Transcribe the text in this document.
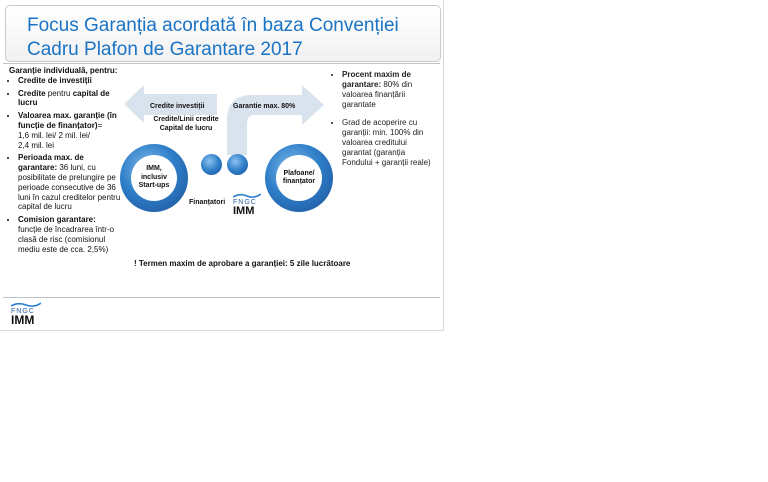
Focus Garanția acordată în baza Convenției Cadru Plafon de Garantare 2017
Garanție individuală, pentru:
• Credite de investiții
• Credite pentru capital de lucru
• Valoarea max. garanție (în funcție de finanțator)=
1,6 mil. lei/ 2 mil. lei/
2,4 mil. lei
• Perioada max. de garantare: 36 luni, cu posibilitate de prelungire pe perioade consecutive de 36 luni în cazul creditelor pentru capital de lucru
• Comision garantare: funcție de încadrarea într-o clasă de risc (comisionul mediu este de cca. 2,5%)
Credite investiții	Garantie max. 80%
Credite/Linii credite
Capital de lucru
IMM,
inclusiv
Start-ups
Plafoane/
finanțator
Finanțatori FNGC
IMM
• Procent maxim de garantare: 80% din valoarea finanțării garantate
• Grad de acoperire cu garanții: min. 100% din valoarea creditului garantat (garanția Fondului + garanții reale)
! Termen maxim de aprobare a garanției: 5 zile lucrătoare
FNGC
IMM
